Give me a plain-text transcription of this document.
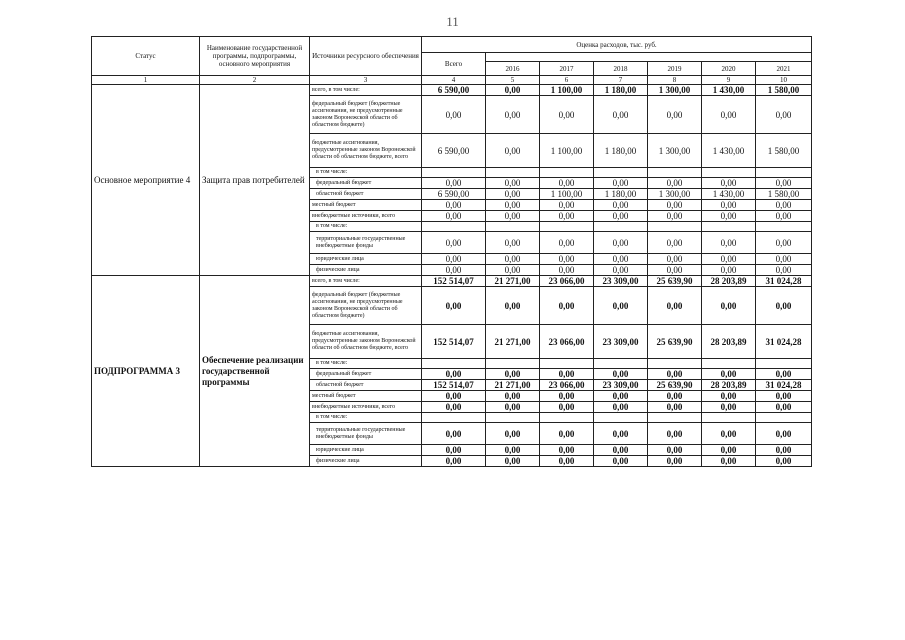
11
Статус	Наименование государственной программы, подпрограммы, основного мероприятия	Источники ресурсного обеспечения	Оценка расходов, тыс. руб.						
			Всего						
				2016	2017	2018	2019	2020	2021
1	2	3	4	5	6	7	8	9	10
Основное мероприятие 4	Защита прав потребителей	всего, в том числе:	6 590,00	0,00	1 100,00	1 180,00	1 300,00	1 430,00	1 580,00
		федеральный бюджет (бюджетные ассигнования, не предусмотренные законом Воронежской области об областном бюджете)	0,00	0,00	0,00	0,00	0,00	0,00	0,00
		бюджетные ассигнования, предусмотренные законом Воронежской области об областном бюджете, всего	6 590,00	0,00	1 100,00	1 180,00	1 300,00	1 430,00	1 580,00
		в том числе:							
		федеральный бюджет	0,00	0,00	0,00	0,00	0,00	0,00	0,00
		областной бюджет	6 590,00	0,00	1 100,00	1 180,00	1 300,00	1 430,00	1 580,00
		местный бюджет	0,00	0,00	0,00	0,00	0,00	0,00	0,00
		внебюджетные источники, всего	0,00	0,00	0,00	0,00	0,00	0,00	0,00
		в том числе:							
		территориальные государственные внебюджетные фонды	0,00	0,00	0,00	0,00	0,00	0,00	0,00
		юридические лица	0,00	0,00	0,00	0,00	0,00	0,00	0,00
		физические лица	0,00	0,00	0,00	0,00	0,00	0,00	0,00
ПОДПРОГРАММА 3	Обеспечение реализации государственной программы	всего, в том числе:	152 514,07	21 271,00	23 066,00	23 309,00	25 639,90	28 203,89	31 024,28
		федеральный бюджет (бюджетные ассигнования, не предусмотренные законом Воронежской области об областном бюджете)	0,00	0,00	0,00	0,00	0,00	0,00	0,00
		бюджетные ассигнования, предусмотренные законом Воронежской области об областном бюджете, всего	152 514,07	21 271,00	23 066,00	23 309,00	25 639,90	28 203,89	31 024,28
		в том числе:							
		федеральный бюджет	0,00	0,00	0,00	0,00	0,00	0,00	0,00
		областной бюджет	152 514,07	21 271,00	23 066,00	23 309,00	25 639,90	28 203,89	31 024,28
		местный бюджет	0,00	0,00	0,00	0,00	0,00	0,00	0,00
		внебюджетные источники, всего	0,00	0,00	0,00	0,00	0,00	0,00	0,00
		в том числе:							
		территориальные государственные внебюджетные фонды	0,00	0,00	0,00	0,00	0,00	0,00	0,00
		юридические лица	0,00	0,00	0,00	0,00	0,00	0,00	0,00
		физические лица	0,00	0,00	0,00	0,00	0,00	0,00	0,00
